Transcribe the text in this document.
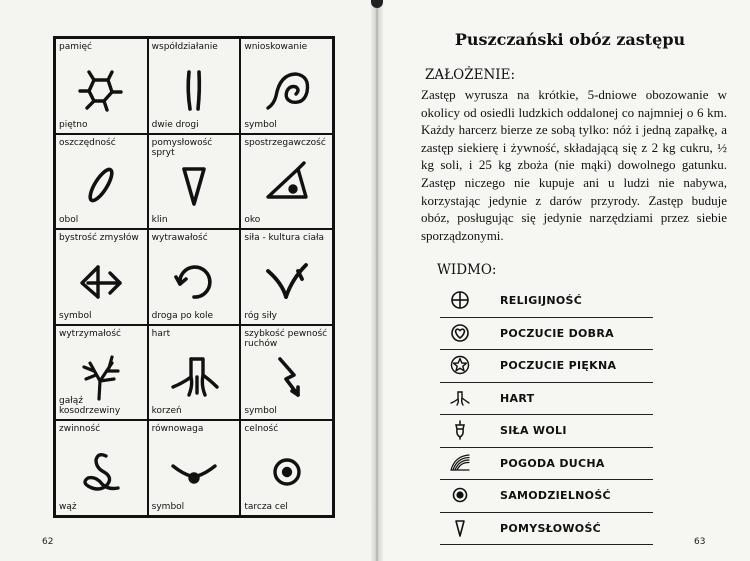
pamięć
piętno
współdziałanie
dwie drogi
wnioskowanie
symbol
oszczędność
obol
pomysłowość spryt
klin
spostrzegawczość
oko
bystrość zmysłów
symbol
wytrawałość
droga po kole
siła - kultura ciała
róg siły
wytrzymałość
gałąź kosodrzewiny
hart
korzeń
szybkość pewność ruchów
symbol
zwinność
wąż
równowaga
symbol
celność
tarcza cel
62
Puszczański obóz zastępu
ZAŁOŻENIE:
Zastęp wyrusza na krótkie, 5-dniowe obozowanie w okolicy od osiedli ludzkich oddalonej co najmniej o 6 km. Każdy harcerz bierze ze sobą tylko: nóż i jedną zapałkę, a zastęp siekierę i żywność, składającą się z 2 kg cukru, ½ kg soli, i 25 kg zboża (nie mąki) dowolnego gatunku. Zastęp niczego nie kupuje ani u ludzi nie nabywa, korzystając jedynie z darów przyrody. Zastęp buduje obóz, posługując się jedynie narzędziami przez siebie sporządzonymi.
WIDMO:
RELIGIJNOŚĆ
POCZUCIE DOBRA
POCZUCIE PIĘKNA
HART
SIŁA WOLI
POGODA DUCHA
SAMODZIELNOŚĆ
POMYSŁOWOŚĆ
63
